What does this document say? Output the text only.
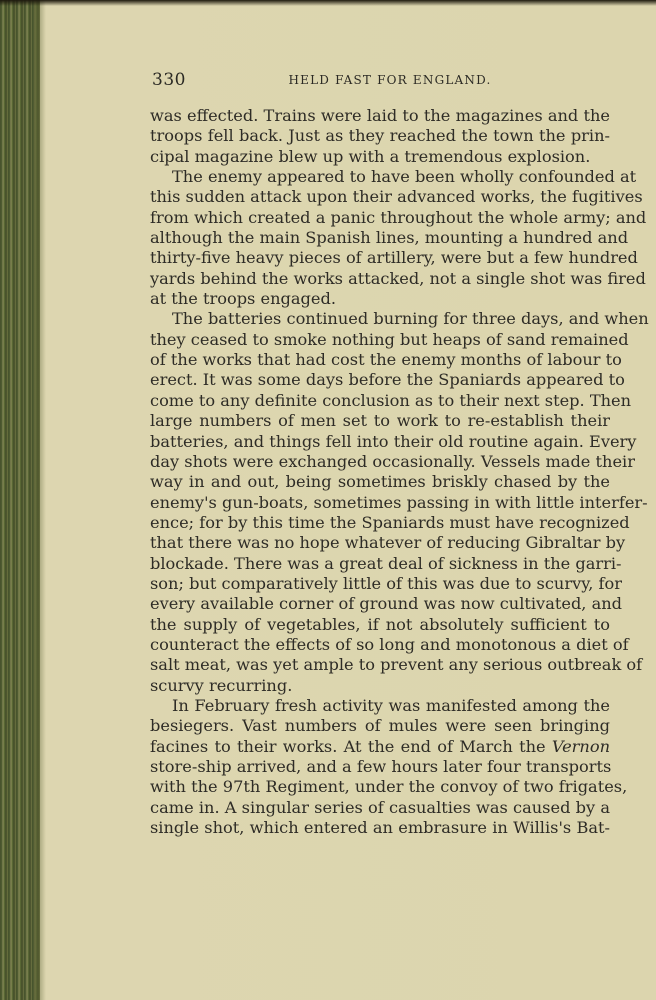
330	HELD FAST FOR ENGLAND.
was effected. Trains were laid to the magazines and the
troops fell back. Just as they reached the town the prin-
cipal magazine blew up with a tremendous explosion.
The enemy appeared to have been wholly confounded at
this sudden attack upon their advanced works, the fugitives
from which created a panic throughout the whole army; and
although the main Spanish lines, mounting a hundred and
thirty-five heavy pieces of artillery, were but a few hundred
yards behind the works attacked, not a single shot was fired
at the troops engaged.
The batteries continued burning for three days, and when
they ceased to smoke nothing but heaps of sand remained
of the works that had cost the enemy months of labour to
erect. It was some days before the Spaniards appeared to
come to any definite conclusion as to their next step. Then
large numbers of men set to work to re-establish their
batteries, and things fell into their old routine again. Every
day shots were exchanged occasionally. Vessels made their
way in and out, being sometimes briskly chased by the
enemy's gun-boats, sometimes passing in with little interfer-
ence; for by this time the Spaniards must have recognized
that there was no hope whatever of reducing Gibraltar by
blockade. There was a great deal of sickness in the garri-
son; but comparatively little of this was due to scurvy, for
every available corner of ground was now cultivated, and
the supply of vegetables, if not absolutely sufficient to
counteract the effects of so long and monotonous a diet of
salt meat, was yet ample to prevent any serious outbreak of
scurvy recurring.
In February fresh activity was manifested among the
besiegers. Vast numbers of mules were seen bringing
facines to their works. At the end of March the Vernon
store-ship arrived, and a few hours later four transports
with the 97th Regiment, under the convoy of two frigates,
came in. A singular series of casualties was caused by a
single shot, which entered an embrasure in Willis's Bat-
